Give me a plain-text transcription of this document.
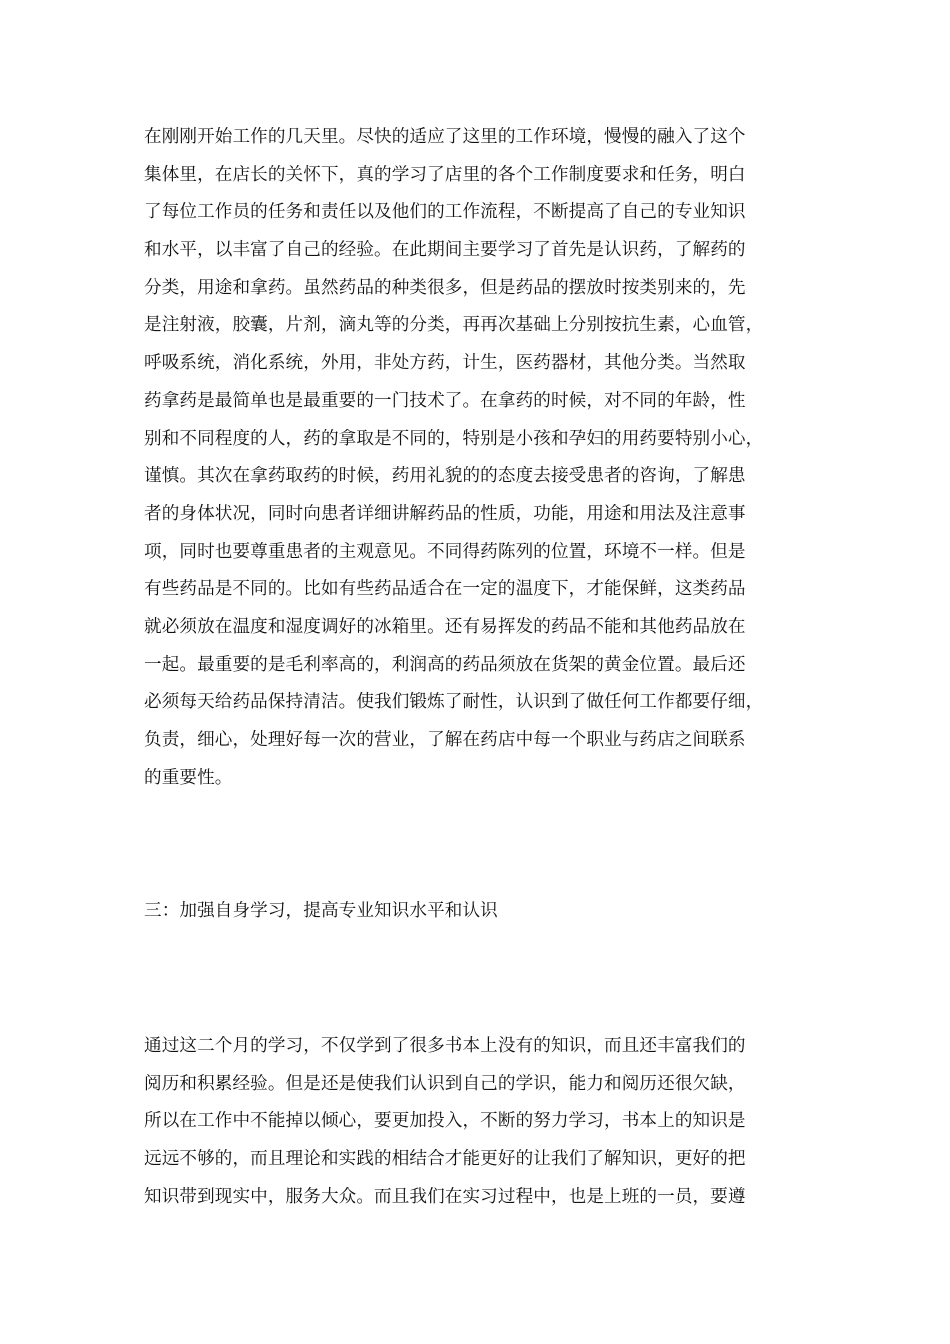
在刚刚开始工作的几天里。尽快的适应了这里的工作环境，慢慢的融入了这个
集体里，在店长的关怀下，真的学习了店里的各个工作制度要求和任务，明白
了每位工作员的任务和责任以及他们的工作流程，不断提高了自己的专业知识
和水平，以丰富了自己的经验。在此期间主要学习了首先是认识药，了解药的
分类，用途和拿药。虽然药品的种类很多，但是药品的摆放时按类别来的，先
是注射液，胶囊，片剂，滴丸等的分类，再再次基础上分别按抗生素，心血管，
呼吸系统，消化系统，外用，非处方药，计生，医药器材，其他分类。当然取
药拿药是最简单也是最重要的一门技术了。在拿药的时候，对不同的年龄，性
别和不同程度的人，药的拿取是不同的，特别是小孩和孕妇的用药要特别小心，
谨慎。其次在拿药取药的时候，药用礼貌的的态度去接受患者的咨询，了解患
者的身体状况，同时向患者详细讲解药品的性质，功能，用途和用法及注意事
项，同时也要尊重患者的主观意见。不同得药陈列的位置，环境不一样。但是
有些药品是不同的。比如有些药品适合在一定的温度下，才能保鲜，这类药品
就必须放在温度和湿度调好的冰箱里。还有易挥发的药品不能和其他药品放在
一起。最重要的是毛利率高的，利润高的药品须放在货架的黄金位置。最后还
必须每天给药品保持清洁。使我们锻炼了耐性，认识到了做任何工作都要仔细，
负责，细心，处理好每一次的营业，了解在药店中每一个职业与药店之间联系
的重要性。
三：加强自身学习，提高专业知识水平和认识
通过这二个月的学习，不仅学到了很多书本上没有的知识，而且还丰富我们的
阅历和积累经验。但是还是使我们认识到自己的学识，能力和阅历还很欠缺，
所以在工作中不能掉以倾心，要更加投入，不断的努力学习，书本上的知识是
远远不够的，而且理论和实践的相结合才能更好的让我们了解知识，更好的把
知识带到现实中，服务大众。而且我们在实习过程中，也是上班的一员，要遵
